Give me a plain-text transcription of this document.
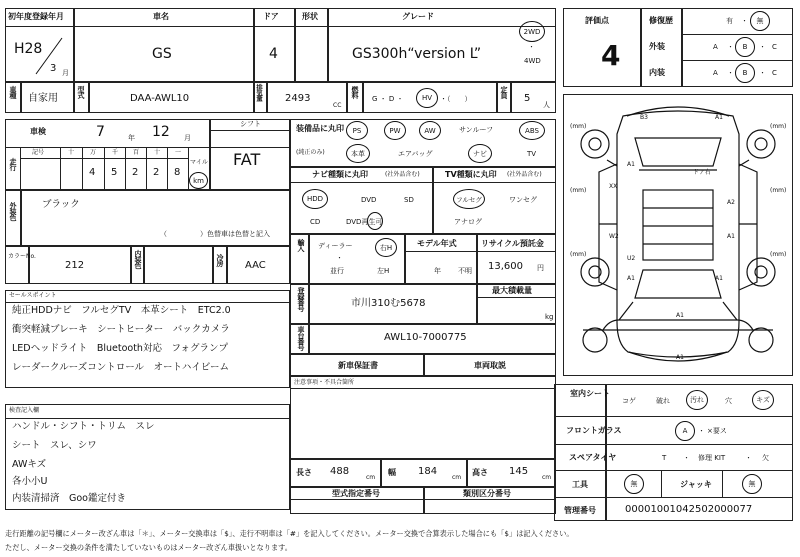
初年度登録年月
H28
3 月
車名
GS
ドア
4
形状	グレード
GS300h“version L”
2WD
・
4WD
車種
自家用
型式
DAA-AWL10	排気量 2493
CC
燃料
G ・ D ・	HV	・（　　）
定員
5
人
車検	7	年 12 月
シフト
FAT
走行
記号	十	万	千 百 十 一
4 5 2 2 8
マイル
km
装備品に丸印
(純正のみ)
PS	PW	AW	サンルーフ	ABS
本革	エアバッグ	ナビ	TV
ナビ種類に丸印	(社外品含む)
HDD	DVD	SD
CD	DVD再生可
TV種類に丸印 (社外品含む)
フルセグ	ワンセグ
アナログ
外装色	ブラック
（	）色替車は色替と記入
カラーNo.
212	内装色	冷房 AAC
輸入 ディーラー
・
並行
右H
左H
モデル年式
年 不明
リサイクル預託金
13,600 円
セールスポイント
純正HDDナビ　フルセグTV　本革シート　ETC2.0
衝突軽減ブレーキ　シートヒーター　バックカメラ
LEDヘッドライト　Bluetooth対応　フォグランプ
レーダークルーズコントロール　オートハイビーム
登録番号	市川310む5678
最大積載量
kg
車台番号	AWL10-7000775
新車保証書	車両取説
注意事項・不具合箇所
検査記入欄
ハンドル・シフト・トリム　スレ
シート　スレ、シワ
AWキズ
各小小U
内装清掃済　Goo鑑定付き
長さ 488
cm
幅 184
cm
高さ 145
cm
型式指定番号	類別区分番号
評価点
4
修復歴	有 ・	無
外装	A ・	B	・ C
内装	A ・	B	・ C
(mm)	(mm)
(mm)	(mm)
(mm)	(mm)
B3	A1
A1
ドア右
XX
A2
W2	A1
U2
A1	A1
A1
A1
室内シート
コゲ	破れ	汚れ	穴	キズ
フロントガラス	A	・ ×要ス
スペアタイヤ	T ・ 修理 KIT	・ 欠
工具	無	ジャッキ	無
管理番号	00001001042502000077
走行距離の記号欄にメーター改ざん車は「＊」、メーター交換車は「$」、走行不明車は「#」を記入してください。メーター交換で合算表示した場合にも「$」は記入ください。
ただし、メーター交換の条件を満たしていないものはメーター改ざん車扱いとなります。
